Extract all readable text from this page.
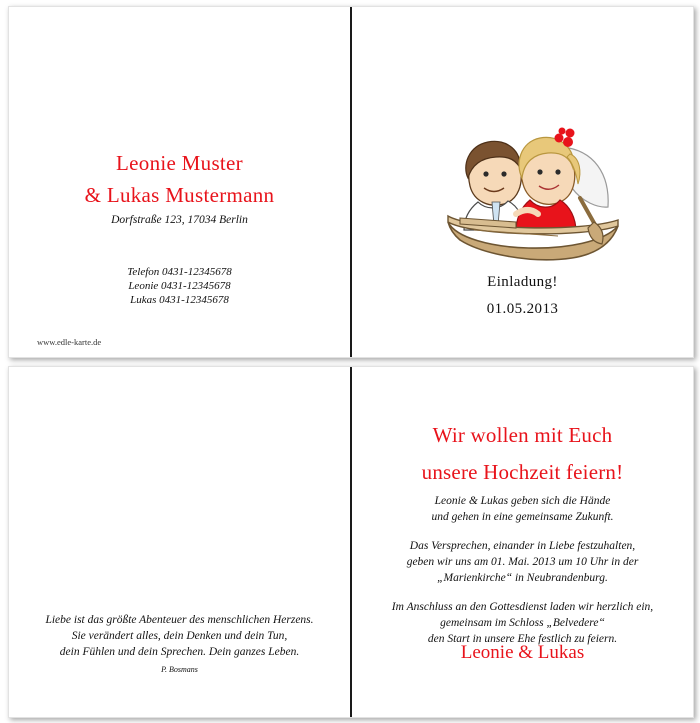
Leonie Muster
& Lukas Mustermann
Dorfstraße 123, 17034 Berlin
Telefon 0431-12345678
Leonie 0431-12345678
Lukas 0431-12345678
www.edle-karte.de
Einladung!
01.05.2013
Liebe ist das größte Abenteuer des menschlichen Herzens.
Sie verändert alles, dein Denken und dein Tun,
dein Fühlen und dein Sprechen. Dein ganzes Leben.
P. Bosmans
Wir wollen mit Euch
unsere Hochzeit feiern!
Leonie & Lukas geben sich die Hände
und gehen in eine gemeinsame Zukunft.
Das Versprechen, einander in Liebe festzuhalten,
geben wir uns am 01. Mai. 2013 um 10 Uhr in der
„Marienkirche“ in Neubrandenburg.
Im Anschluss an den Gottesdienst laden wir herzlich ein,
gemeinsam im Schloss „Belvedere“
den Start in unsere Ehe festlich zu feiern.
Leonie & Lukas
